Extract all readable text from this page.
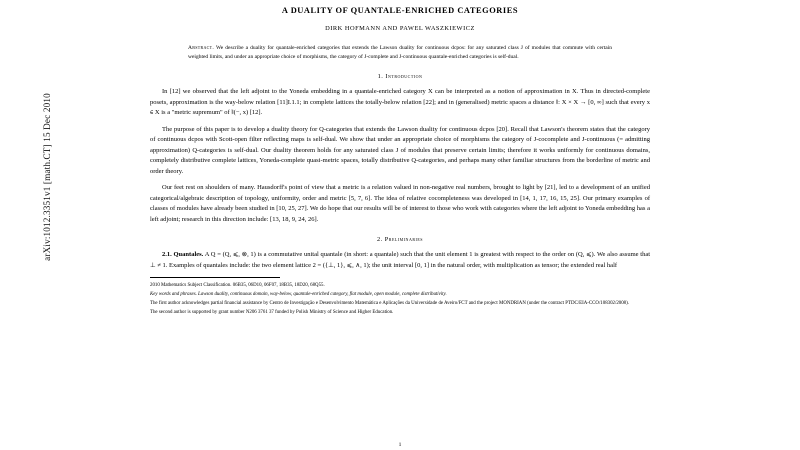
arXiv:1012.3351v1 [math.CT] 15 Dec 2010
A DUALITY OF QUANTALE-ENRICHED CATEGORIES
DIRK HOFMANN AND PAWEL WASZKIEWICZ
Abstract. We describe a duality for quantale-enriched categories that extends the Lawson duality for continuous dcpos: for any saturated class J of modules that commute with certain weighted limits, and under an appropriate choice of morphisms, the category of J-complete and J-continuous quantale-enriched categories is self-dual.
1. Introduction

In [12] we observed that the left adjoint to the Yoneda embedding in a quantale-enriched category X can be interpreted as a notion of approximation in X. Thus in directed-complete posets, approximation is the way-below relation [11]I.1.1; in complete lattices the totally-below relation [22]; and in (generalised) metric spaces a distance ⧚: X × X → [0, ∞] such that every x ∈ X is a "metric supremum" of ⧚(−, x) [12].

The purpose of this paper is to develop a duality theory for Q-categories that extends the Lawson duality for continuous dcpos [20]. Recall that Lawson's theorem states that the category of continuous dcpos with Scott-open filter reflecting maps is self-dual. We show that under an appropriate choice of morphisms the category of J-cocomplete and J-continuous (= admitting approximation) Q-categories is self-dual. Our duality theorem holds for any saturated class J of modules that preserve certain limits; therefore it works uniformly for continuous domains, completely distributive complete lattices, Yoneda-complete quasi-metric spaces, totally distributive Q-categories, and perhaps many other familiar structures from the borderline of metric and order theory.

Our feet rest on shoulders of many. Hausdorff's point of view that a metric is a relation valued in non-negative real numbers, brought to light by [21], led to a development of an unified categorical/algebraic description of topology, uniformity, order and metric [5, 7, 6]. The idea of relative cocompleteness was developed in [14, 1, 17, 16, 15, 25]. Our primary examples of classes of modules have already been studied in [10, 25, 27]. We do hope that our results will be of interest to those who work with categories where the left adjoint to Yoneda embedding has a left adjoint; research in this direction include: [13, 18, 9, 24, 26].

2. Preliminaries
2.1. Quantales. A Q = (Q, ⩽, ⊗, 1) is a commutative unital quantale (in short: a quantale) such that the unit element 1 is greatest with respect to the order on (Q, ⩽). We also assume that ⊥ ≠ 1. Examples of quantales include: the two element lattice 2 = ({⊥, 1}, ⩽, ∧, 1); the unit interval [0, 1] in the natural order, with multiplication as tensor; the extended real half
2010 Mathematics Subject Classification. 06B35, 06D10, 06F07, 18B35, 18D20, 68Q55.
Key words and phrases. Lawson duality, continuous domain, way-below, quantale-enriched category, flat module, open module, complete distributivity.
The first author acknowledges partial financial assistance by Centro de Investigação e Desenvolvimento Matemática e Aplicações da Universidade de Aveiro/FCT and the project MONDRIAN (under the contract PTDC/EIA-CCO/108302/2008).
The second author is supported by grant number N206 3761 37 funded by Polish Ministry of Science and Higher Education.
1
